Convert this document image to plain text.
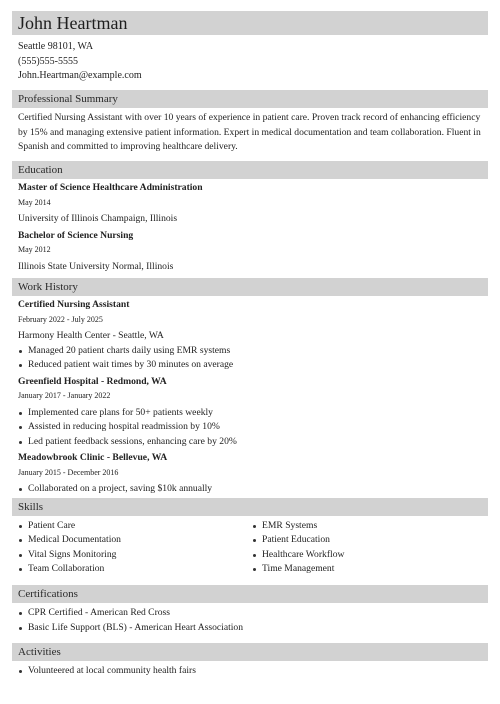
John Heartman
Seattle 98101, WA
(555)555-5555
John.Heartman@example.com
Professional Summary
Certified Nursing Assistant with over 10 years of experience in patient care. Proven track record of enhancing efficiency
by 15% and managing extensive patient information. Expert in medical documentation and team collaboration. Fluent in
Spanish and committed to improving healthcare delivery.
Education
Master of Science Healthcare Administration
May 2014
University of Illinois Champaign, Illinois
Bachelor of Science Nursing
May 2012
Illinois State University Normal, Illinois
Work History
Certified Nursing Assistant
February 2022 - July 2025
Harmony Health Center - Seattle, WA
Managed 20 patient charts daily using EMR systems
Reduced patient wait times by 30 minutes on average
Greenfield Hospital - Redmond, WA
January 2017 - January 2022
Implemented care plans for 50+ patients weekly
Assisted in reducing hospital readmission by 10%
Led patient feedback sessions, enhancing care by 20%
Meadowbrook Clinic - Bellevue, WA
January 2015 - December 2016
Collaborated on a project, saving $10k annually
Skills
Patient Care
Medical Documentation
Vital Signs Monitoring
Team Collaboration
EMR Systems
Patient Education
Healthcare Workflow
Time Management
Certifications
CPR Certified - American Red Cross
Basic Life Support (BLS) - American Heart Association
Activities
Volunteered at local community health fairs
